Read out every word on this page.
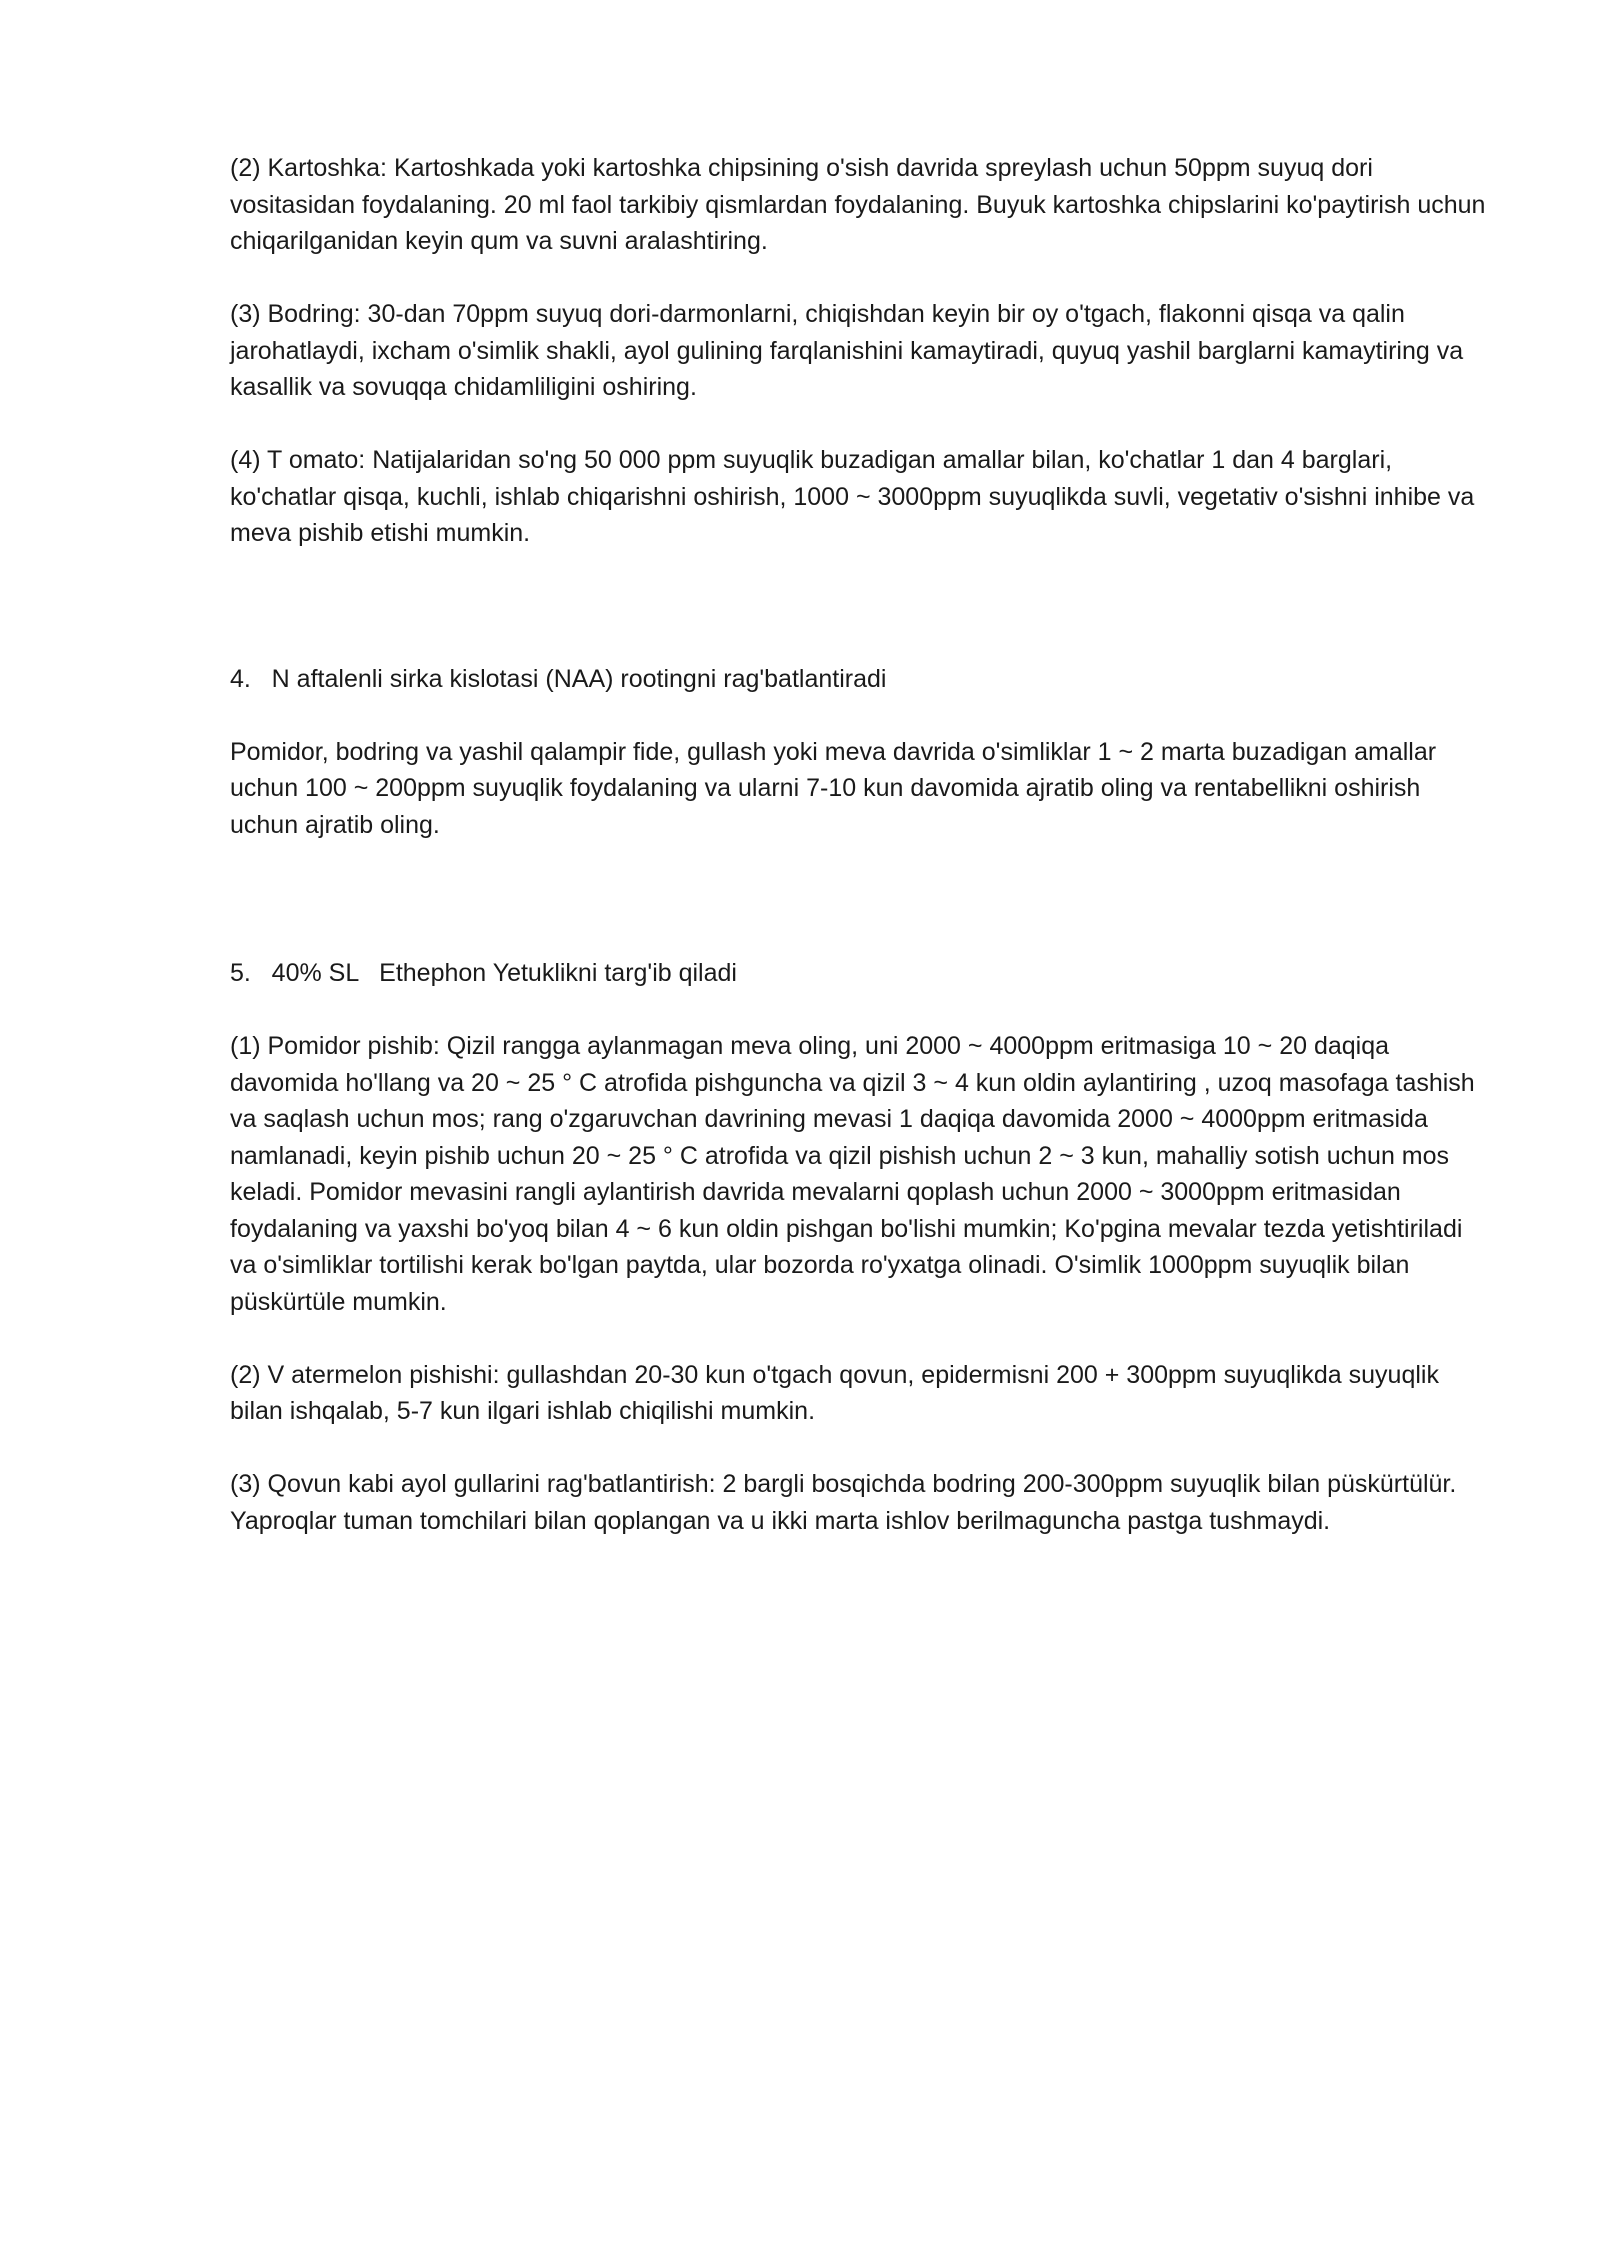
(2) Kartoshka: Kartoshkada yoki kartoshka chipsining o'sish davrida spreylash uchun 50ppm suyuq dori vositasidan foydalaning. 20 ml faol tarkibiy qismlardan foydalaning. Buyuk kartoshka chipslarini ko'paytirish uchun chiqarilganidan keyin qum va suvni aralashtiring.

(3) Bodring: 30-dan 70ppm suyuq dori-darmonlarni, chiqishdan keyin bir oy o'tgach, flakonni qisqa va qalin jarohatlaydi, ixcham o'simlik shakli, ayol gulining farqlanishini kamaytiradi, quyuq yashil barglarni kamaytiring va kasallik va sovuqqa chidamliligini oshiring.

(4) T omato: Natijalaridan so'ng 50 000 ppm suyuqlik buzadigan amallar bilan, ko'chatlar 1 dan 4 barglari, ko'chatlar qisqa, kuchli, ishlab chiqarishni oshirish, 1000 ~ 3000ppm suyuqlikda suvli, vegetativ o'sishni inhibe va meva pishib etishi mumkin.

4.   N aftalenli sirka kislotasi (NAA) rootingni rag'batlantiradi

Pomidor, bodring va yashil qalampir fide, gullash yoki meva davrida o'simliklar 1 ~ 2 marta buzadigan amallar uchun 100 ~ 200ppm suyuqlik foydalaning va ularni 7-10 kun davomida ajratib oling va rentabellikni oshirish uchun ajratib oling.

5.   40% SL   Ethephon Yetuklikni targ'ib qiladi

(1) Pomidor pishib: Qizil rangga aylanmagan meva oling, uni 2000 ~ 4000ppm eritmasiga 10 ~ 20 daqiqa davomida ho'llang va 20 ~ 25 ° C atrofida pishguncha va qizil 3 ~ 4 kun oldin aylantiring , uzoq masofaga tashish va saqlash uchun mos; rang o'zgaruvchan davrining mevasi 1 daqiqa davomida 2000 ~ 4000ppm eritmasida namlanadi, keyin pishib uchun 20 ~ 25 ° C atrofida va qizil pishish uchun 2 ~ 3 kun, mahalliy sotish uchun mos keladi. Pomidor mevasini rangli aylantirish davrida mevalarni qoplash uchun 2000 ~ 3000ppm eritmasidan foydalaning va yaxshi bo'yoq bilan 4 ~ 6 kun oldin pishgan bo'lishi mumkin; Ko'pgina mevalar tezda yetishtiriladi va o'simliklar tortilishi kerak bo'lgan paytda, ular bozorda ro'yxatga olinadi. O'simlik 1000ppm suyuqlik bilan püskürtüle mumkin.

(2) V atermelon pishishi: gullashdan 20-30 kun o'tgach qovun, epidermisni 200 + 300ppm suyuqlikda suyuqlik bilan ishqalab, 5-7 kun ilgari ishlab chiqilishi mumkin.

(3) Qovun kabi ayol gullarini rag'batlantirish: 2 bargli bosqichda bodring 200-300ppm suyuqlik bilan püskürtülür. Yaproqlar tuman tomchilari bilan qoplangan va u ikki marta ishlov berilmaguncha pastga tushmaydi.
